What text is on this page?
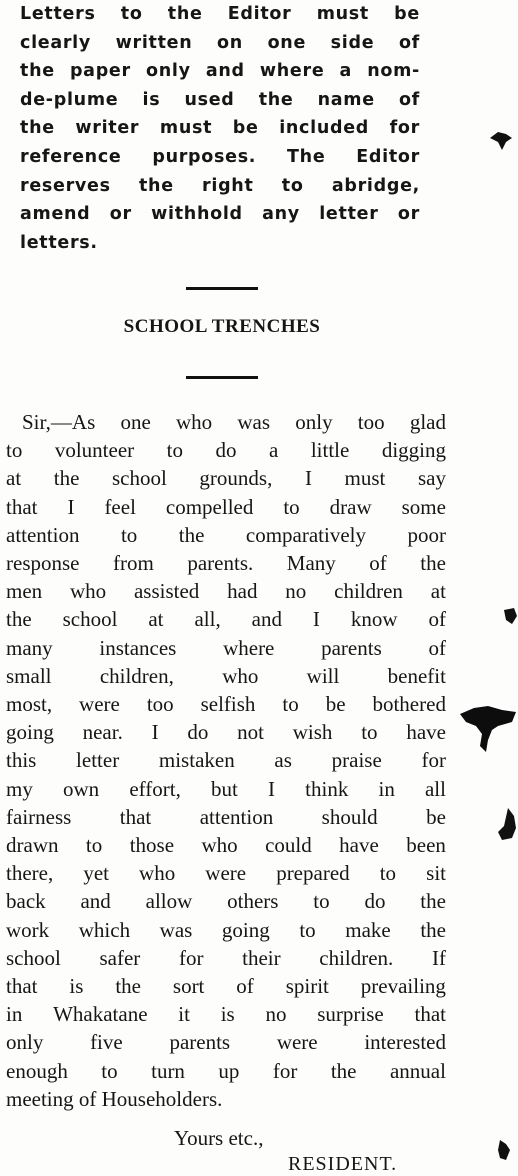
Letters to the Editor must be
clearly written on one side of
the paper only and where a nom-
de-plume is used the name of
the writer must be included for
reference purposes. The Editor
reserves the right to abridge,
amend or withhold any letter or
letters.
SCHOOL TRENCHES
Sir,—As one who was only too glad
to volunteer to do a little digging
at the school grounds, I must say
that I feel compelled to draw some
attention to the comparatively poor
response from parents. Many of the
men who assisted had no children at
the school at all, and I know of
many instances where parents of
small children, who will benefit
most, were too selfish to be bothered
going near. I do not wish to have
this letter mistaken as praise for
my own effort, but I think in all
fairness that attention should be
drawn to those who could have been
there, yet who were prepared to sit
back and allow others to do the
work which was going to make the
school safer for their children. If
that is the sort of spirit prevailing
in Whakatane it is no surprise that
only five parents were interested
enough to turn up for the annual
meeting of Householders.
Yours etc.,
RESIDENT.
